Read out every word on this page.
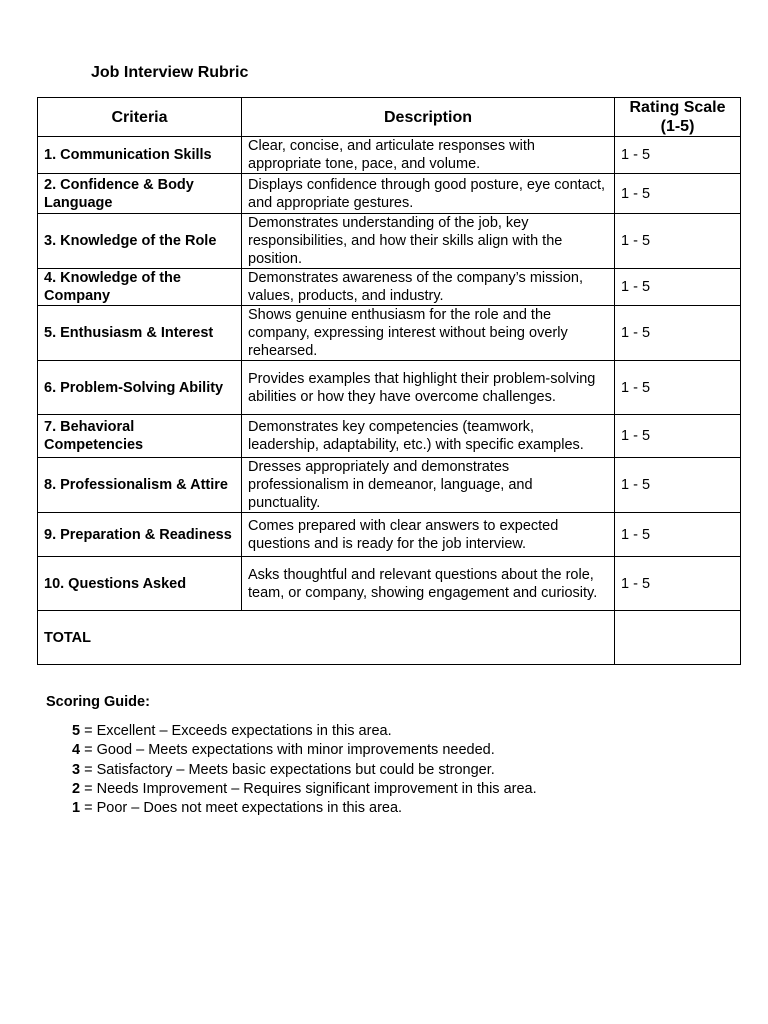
Job Interview Rubric
Criteria	Description	Rating Scale
(1-5)
1. Communication Skills	Clear, concise, and articulate responses with appropriate tone, pace, and volume.	1 - 5
2. Confidence & Body Language	Displays confidence through good posture, eye contact, and appropriate gestures.	1 - 5
3. Knowledge of the Role	Demonstrates understanding of the job, key responsibilities, and how their skills align with the position.	1 - 5
4. Knowledge of the Company	Demonstrates awareness of the company’s mission, values, products, and industry.	1 - 5
5. Enthusiasm & Interest	Shows genuine enthusiasm for the role and the company, expressing interest without being overly rehearsed.	1 - 5
6. Problem-Solving Ability	Provides examples that highlight their problem-solving abilities or how they have overcome challenges.	1 - 5
7. Behavioral Competencies	Demonstrates key competencies (teamwork, leadership, adaptability, etc.) with specific examples.	1 - 5
8. Professionalism & Attire	Dresses appropriately and demonstrates professionalism in demeanor, language, and punctuality.	1 - 5
9. Preparation & Readiness	Comes prepared with clear answers to expected questions and is ready for the job interview.	1 - 5
10. Questions Asked	Asks thoughtful and relevant questions about the role, team, or company, showing engagement and curiosity.	1 - 5
TOTAL		
Scoring Guide:
5 = Excellent – Exceeds expectations in this area.
4 = Good – Meets expectations with minor improvements needed.
3 = Satisfactory – Meets basic expectations but could be stronger.
2 = Needs Improvement – Requires significant improvement in this area.
1 = Poor – Does not meet expectations in this area.
